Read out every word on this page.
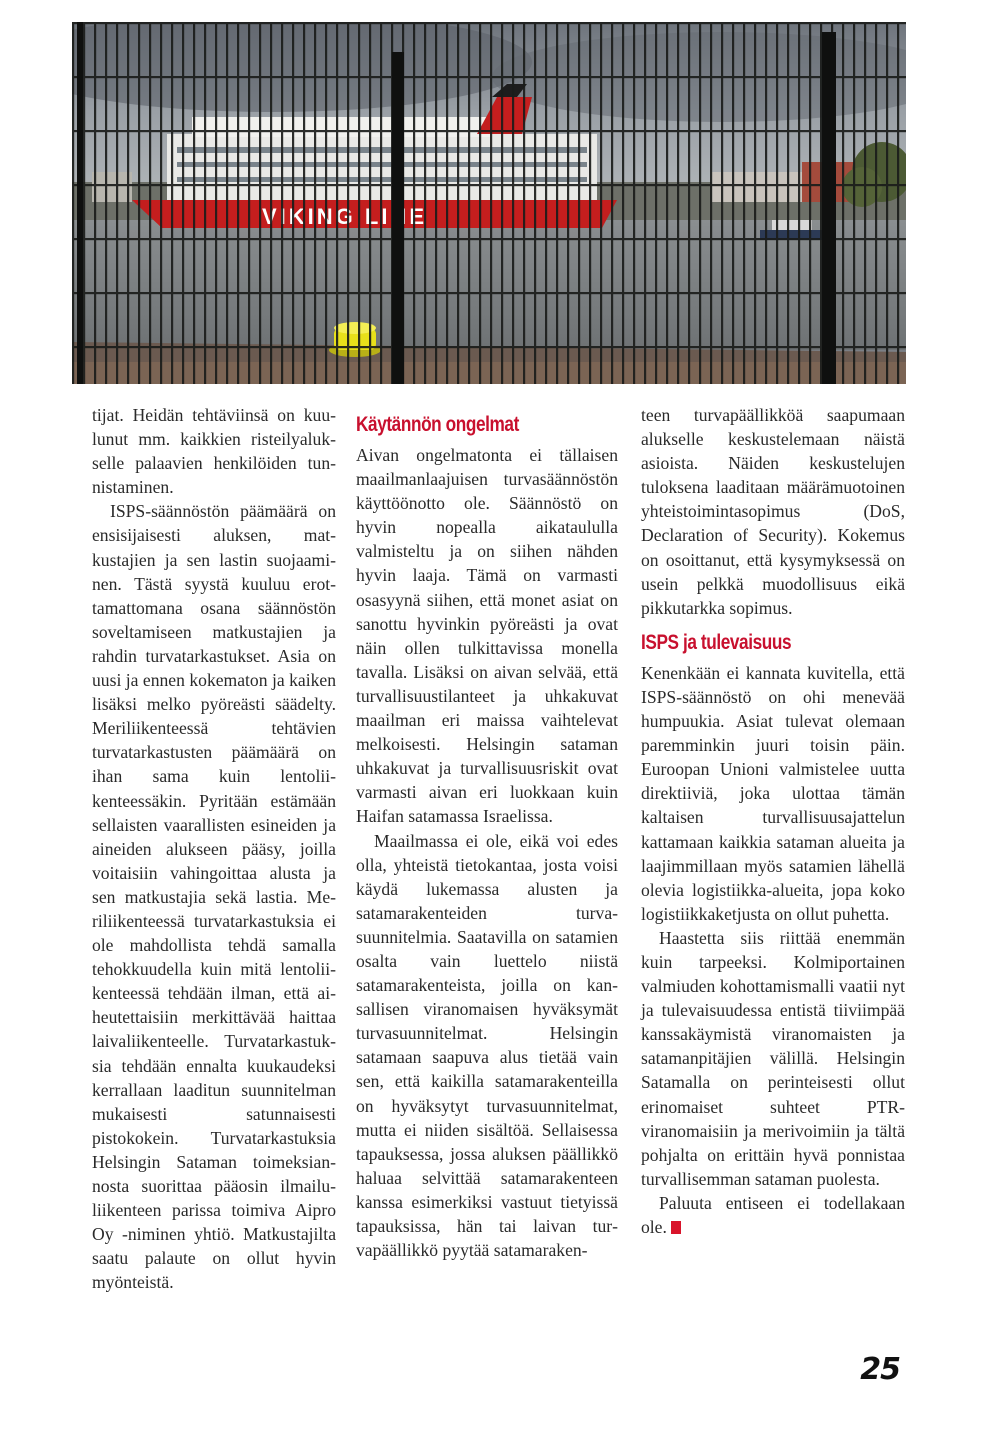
tijat. Heidän tehtäviinsä on kuulunut mm. kaikkien risteilyalukselle palaavien henkilöiden tunnistaminen.

ISPS-säännöstön päämäärä on ensisijaisesti aluksen, matkustajien ja sen lastin suojaaminen. Tästä syystä kuuluu erottamattomana osana säännöstön soveltamiseen matkustajien ja rahdin turvatarkastukset. Asia on uusi ja ennen kokematon ja kaiken lisäksi melko pyöreästi säädelty. Meriliikenteessä tehtävien turvatarkastusten päämäärä on ihan sama kuin lentoliikenteessäkin. Pyritään estämään sellaisten vaarallisten esineiden ja aineiden alukseen pääsy, joilla voitaisiin vahingoittaa alusta ja sen matkustajia sekä lastia. Meriliikenteessä turvatarkastuksia ei ole mahdollista tehdä samalla tehokkuudella kuin mitä lentoliikenteessä tehdään ilman, että aiheutettaisiin merkittävää haittaa laivaliikenteelle. Turvatarkastuksia tehdään ennalta kuukaudeksi kerrallaan laaditun suunnitelman mukaisesti satunnaisesti pistokokein. Turvatarkastuksia Helsingin Sataman toimeksiannosta suorittaa pääosin ilmailuliikenteen parissa toimiva Aipro Oy -niminen yhtiö. Matkustajilta saatu palaute on ollut hyvin myönteistä.

Käytännön ongelmat

Aivan ongelmatonta ei tällaisen maailmanlaajuisen turvasäännöstön käyttöönotto ole. Säännöstö on hyvin nopealla aikataululla valmisteltu ja on siihen nähden hyvin laaja. Tämä on varmasti osasyynä siihen, että monet asiat on sanottu hyvinkin pyöreästi ja ovat näin ollen tulkittavissa monella tavalla. Lisäksi on aivan selvää, että turvallisuustilanteet ja uhkakuvat maailman eri maissa vaihtelevat melkoisesti. Helsingin sataman uhkakuvat ja turvallisuusriskit ovat varmasti aivan eri luokkaan kuin Haifan satamassa Israelissa.

Maailmassa ei ole, eikä voi edes olla, yhteistä tietokantaa, josta voisi käydä lukemassa alusten ja satamarakenteiden turvasuunnitelmia. Saatavilla on satamien osalta vain luettelo niistä satamarakenteista, joilla on kansallisen viranomaisen hyväksymät turvasuunnitelmat. Helsingin satamaan saapuva alus tietää vain sen, että kaikilla satamarakenteilla on hyväksytyt turvasuunnitelmat, mutta ei niiden sisältöä. Sellaisessa tapauksessa, jossa aluksen päällikkö haluaa selvittää satamarakenteen kanssa esimerkiksi vastuut tietyissä tapauksissa, hän tai laivan turvapäällikkö pyytää satamaraken-

teen turvapäällikköä saapumaan alukselle keskustelemaan näistä asioista. Näiden keskustelujen tuloksena laaditaan määrämuotoinen yhteistoimintasopimus (DoS, Declaration of Security). Kokemus on osoittanut, että kysymyksessä on usein pelkkä muodollisuus eikä pikkutarkka sopimus.

ISPS ja tulevaisuus

Kenenkään ei kannata kuvitella, että ISPS-säännöstö on ohi menevää humpuukia. Asiat tulevat olemaan paremminkin juuri toisin päin. Euroopan Unioni valmistelee uutta direktiiviä, joka ulottaa tämän kaltaisen turvallisuusajattelun kattamaan kaikkia sataman alueita ja laajimmillaan myös satamien lähellä olevia logistiikka-alueita, jopa koko logistiikkaketjusta on ollut puhetta.

Haastetta siis riittää enemmän kuin tarpeeksi. Kolmiportainen valmiuden kohottamismalli vaatii nyt ja tulevaisuudessa entistä tiiviimpää kanssakäymistä viranomaisten ja satamanpitäjien välillä. Helsingin Satamalla on perinteisesti ollut erinomaiset suhteet PTR-viranomaisiin ja merivoimiin ja tältä pohjalta on erittäin hyvä ponnistaa turvallisemman sataman puolesta.

Paluuta entiseen ei todellakaan ole.

25
